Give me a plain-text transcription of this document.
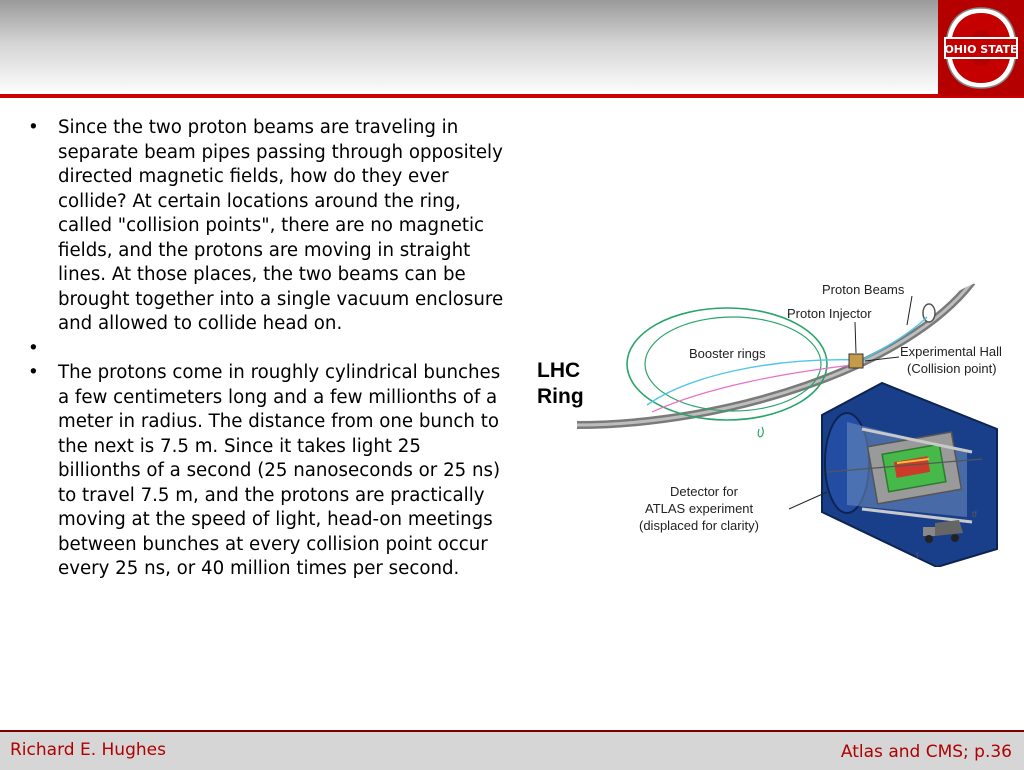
OHIO STATE
• Since the two proton beams are traveling in separate beam pipes passing through oppositely directed magnetic fields, how do they ever collide? At certain locations around the ring, called "collision points", there are no magnetic fields, and the protons are moving in straight lines. At those places, the two beams can be brought together into a single vacuum enclosure and allowed to collide head on.
•
• The protons come in roughly cylindrical bunches a few centimeters long and a few millionths of a meter in radius. The distance from one bunch to the next is 7.5 m. Since it takes light 25 billionths of a second (25 nanoseconds or 25 ns) to travel 7.5 m, and the protons are practically moving at the speed of light, head-on meetings between bunches at every collision point occur every 25 ns, or 40 million times per second.
LHC
Ring
Proton Beams
Proton Injector
Booster rings	Experimental Hall
(Collision point)
Detector for
ATLAS experiment
(displaced for clarity)
tf
t
Richard E. Hughes	Atlas and CMS; p.36
